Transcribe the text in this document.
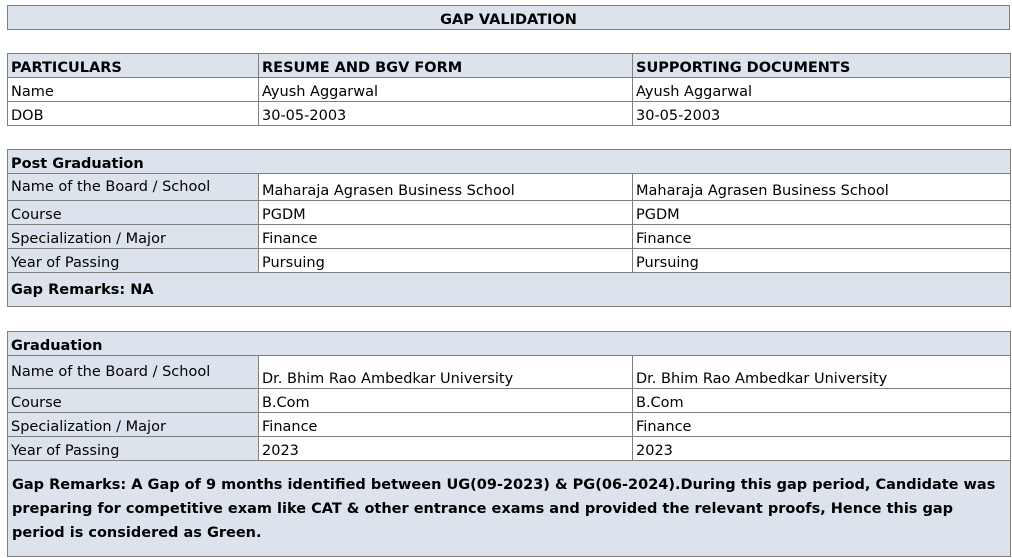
GAP VALIDATION
PARTICULARS	RESUME AND BGV FORM	SUPPORTING DOCUMENTS
Name	Ayush Aggarwal	Ayush Aggarwal
DOB	30-05-2003	30-05-2003
Post Graduation		
Name of the Board / School	Maharaja Agrasen Business School	Maharaja Agrasen Business School
Course	PGDM	PGDM
Specialization / Major	Finance	Finance
Year of Passing	Pursuing	Pursuing
Gap Remarks: NA		
Graduation		
Name of the Board / School	Dr. Bhim Rao Ambedkar University	Dr. Bhim Rao Ambedkar University
Course	B.Com	B.Com
Specialization / Major	Finance	Finance
Year of Passing	2023	2023
Gap Remarks: A Gap of 9 months identified between UG(09-2023) & PG(06-2024).During this gap period, Candidate was preparing for competitive exam like CAT & other entrance exams and provided the relevant proofs, Hence this gap period is considered as Green.		
